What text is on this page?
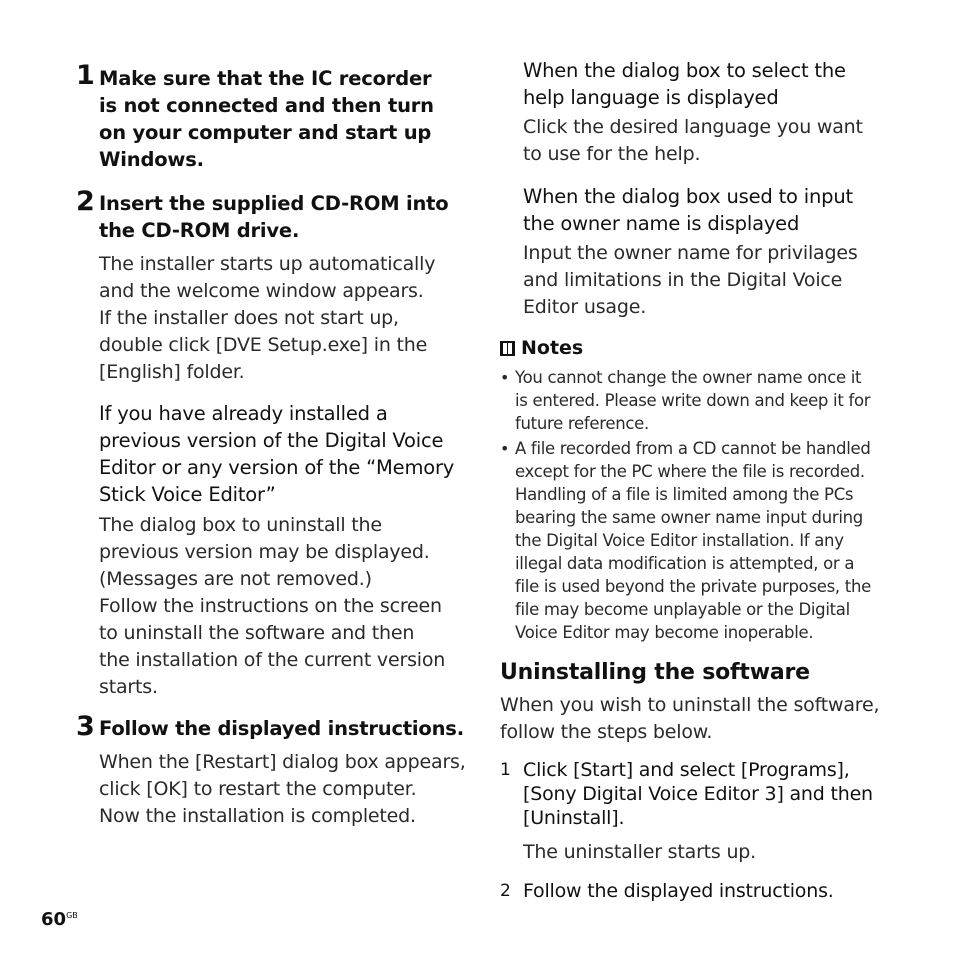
1 Make sure that the IC recorder
is not connected and then turn
on your computer and start up
Windows.
2 Insert the supplied CD-ROM into
the CD-ROM drive.
The installer starts up automatically
and the welcome window appears.
If the installer does not start up,
double click [DVE Setup.exe] in the
[English] folder.
If you have already installed a
previous version of the Digital Voice
Editor or any version of the “Memory
Stick Voice Editor”
The dialog box to uninstall the
previous version may be displayed.
(Messages are not removed.)
Follow the instructions on the screen
to uninstall the software and then
the installation of the current version
starts.
3 Follow the displayed instructions.
When the [Restart] dialog box appears,
click [OK] to restart the computer.
Now the installation is completed.
When the dialog box to select the
help language is displayed
Click the desired language you want
to use for the help.
When the dialog box used to input
the owner name is displayed
Input the owner name for privilages
and limitations in the Digital Voice
Editor usage.
Notes
• You cannot change the owner name once it
is entered. Please write down and keep it for
future reference.
• A file recorded from a CD cannot be handled
except for the PC where the file is recorded.
Handling of a file is limited among the PCs
bearing the same owner name input during
the Digital Voice Editor installation. If any
illegal data modification is attempted, or a
file is used beyond the private purposes, the
file may become unplayable or the Digital
Voice Editor may become inoperable.
Uninstalling the software
When you wish to uninstall the software,
follow the steps below.
1 Click [Start] and select [Programs],
[Sony Digital Voice Editor 3] and then
[Uninstall].
The uninstaller starts up.
2 Follow the displayed instructions.
$60^{GB}$
